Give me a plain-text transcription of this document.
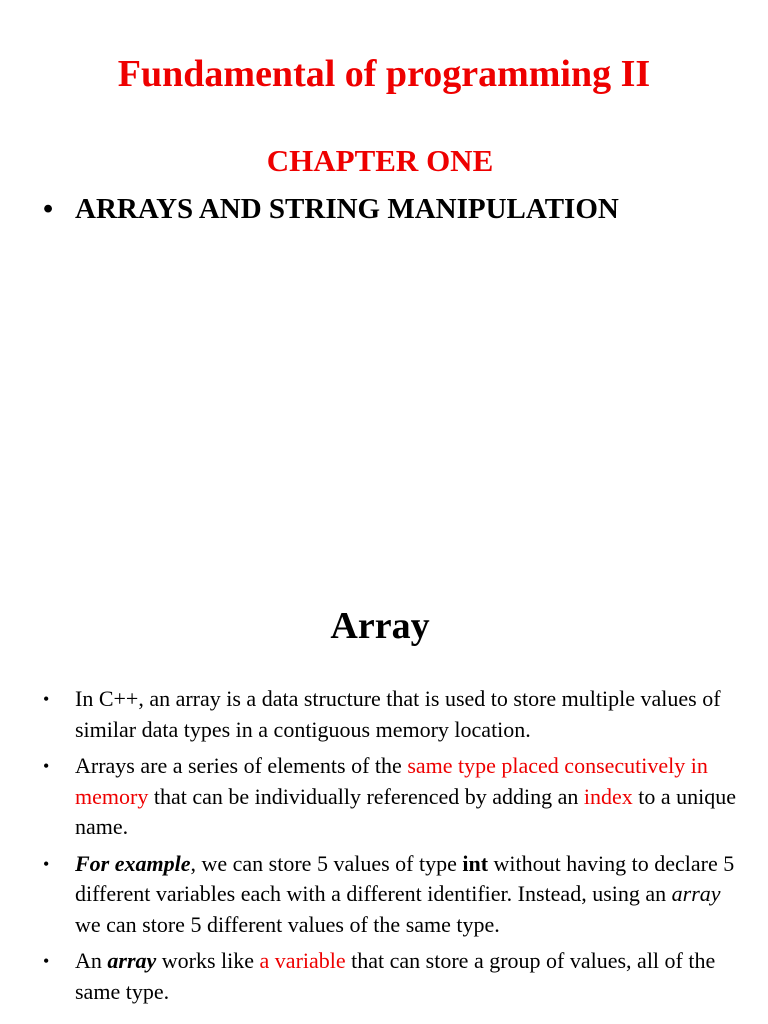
Fundamental of programming II
CHAPTER ONE
• ARRAYS AND STRING MANIPULATION
Array
• In C++, an array is a data structure that is used to store multiple values of similar data types in a contiguous memory location.
• Arrays are a series of elements of the same type placed consecutively in memory that can be individually referenced by adding an index to a unique name.
• For example, we can store 5 values of type int without having to declare 5 different variables each with a different identifier. Instead, using an array we can store 5 different values of the same type.
• An array works like a variable that can store a group of values, all of the same type.
